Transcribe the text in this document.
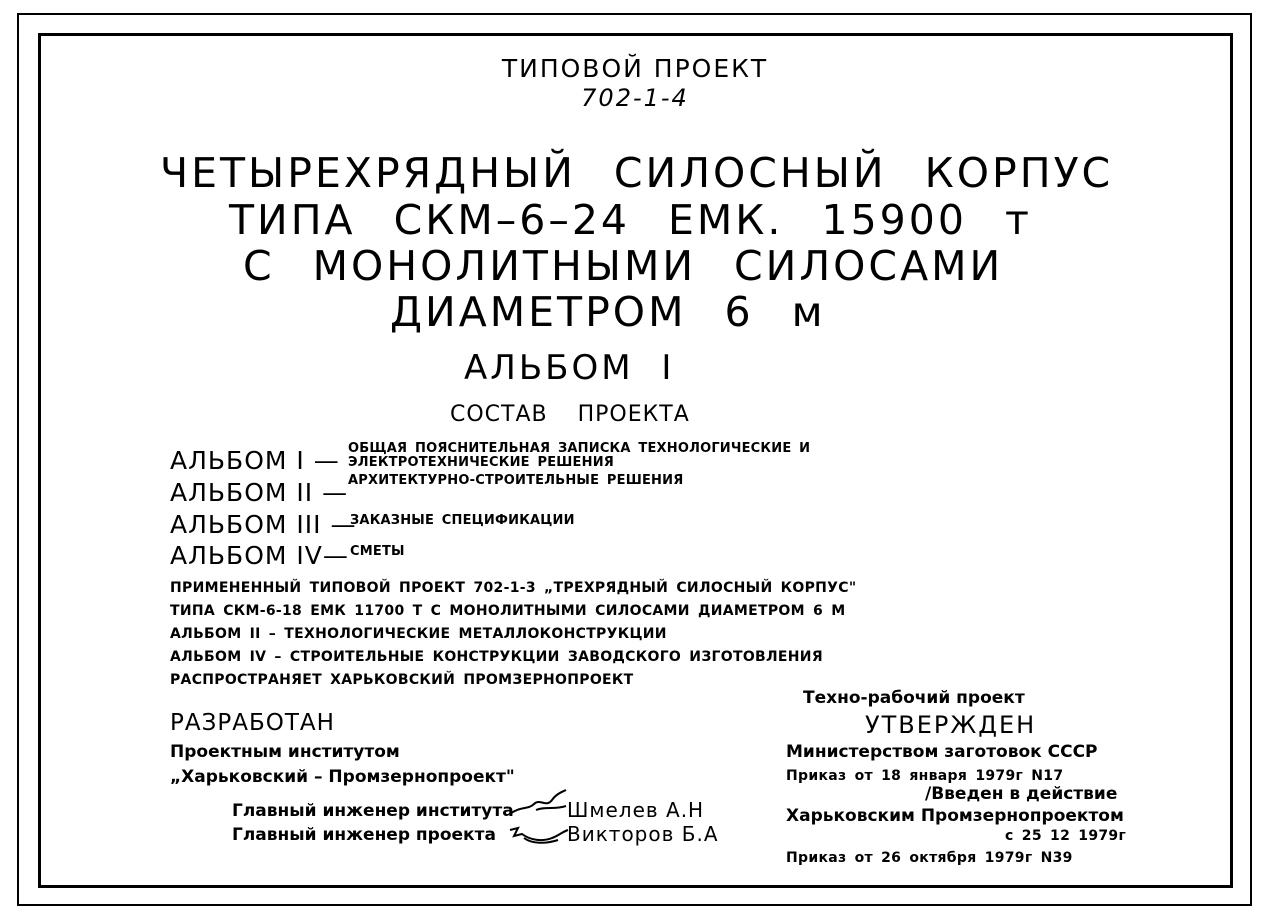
ТИПОВОЙ ПРОЕКТ
702-1-4
ЧЕТЫРЕХРЯДНЫЙ СИЛОСНЫЙ КОРПУС
ТИПА СКМ–6–24 ЕМК. 15900 т
С МОНОЛИТНЫМИ СИЛОСАМИ
ДИАМЕТРОМ 6 м
АЛЬБОМ I
СОСТАВ ПРОЕКТА
АЛЬБОМ I — ОБЩАЯ ПОЯСНИТЕЛЬНАЯ ЗАПИСКА ТЕХНОЛОГИЧЕСКИЕ И
ЭЛЕКТРОТЕХНИЧЕСКИЕ РЕШЕНИЯ
АЛЬБОМ II — АРХИТЕКТУРНО-СТРОИТЕЛЬНЫЕ РЕШЕНИЯ
АЛЬБОМ III —
ЗАКАЗНЫЕ СПЕЦИФИКАЦИИ
АЛЬБОМ IV— СМЕТЫ
ПРИМЕНЕННЫЙ ТИПОВОЙ ПРОЕКТ 702-1-3 „ТРЕХРЯДНЫЙ СИЛОСНЫЙ КОРПУС"
ТИПА СКМ-6-18 ЕМК 11700 Т С МОНОЛИТНЫМИ СИЛОСАМИ ДИАМЕТРОМ 6 М
АЛЬБОМ II – ТЕХНОЛОГИЧЕСКИЕ МЕТАЛЛОКОНСТРУКЦИИ
АЛЬБОМ IV – СТРОИТЕЛЬНЫЕ КОНСТРУКЦИИ ЗАВОДСКОГО ИЗГОТОВЛЕНИЯ
РАСПРОСТРАНЯЕТ ХАРЬКОВСКИЙ ПРОМЗЕРНОПРОЕКТ
РАЗРАБОТАН
Проектным институтом
„Харьковский – Промзернопроект"
Главный инженер института	Шмелев А.Н
Главный инженер проекта	Викторов Б.А
Техно-рабочий проект
УТВЕРЖДЕН
Министерством заготовок СССР
Приказ от 18 января 1979г N17
/Введен в действие
Харьковским Промзернопроектом
с 25 12 1979г
Приказ от 26 октября 1979г N39
